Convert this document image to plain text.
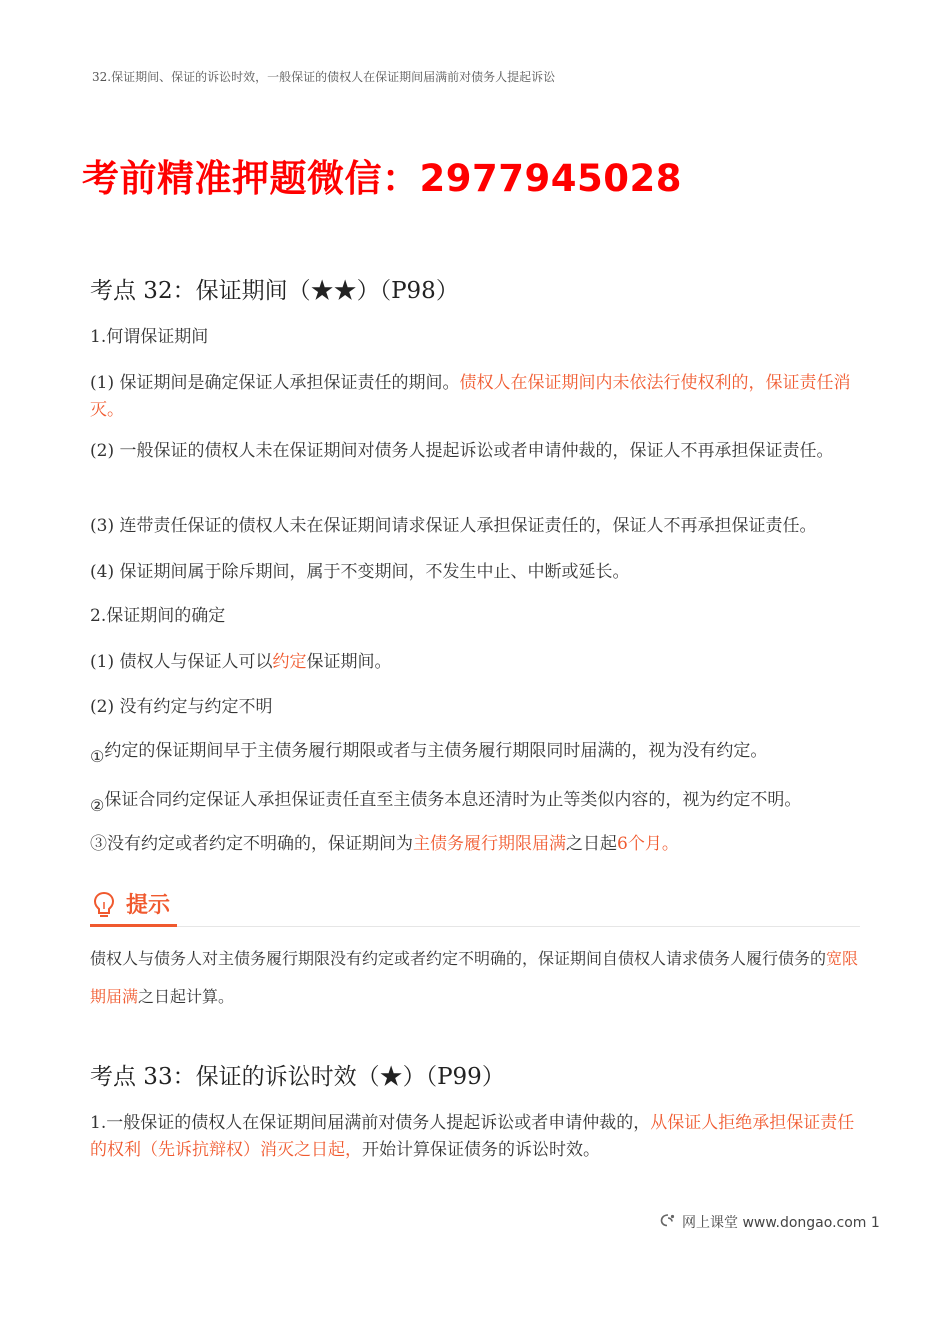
32.保证期间、保证的诉讼时效，一般保证的债权人在保证期间届满前对债务人提起诉讼
考前精准押题微信：2977945028
考点 32：保证期间（★★）（P98）
1.何谓保证期间
(1) 保证期间是确定保证人承担保证责任的期间。债权人在保证期间内未依法行使权利的，保证责任消灭。
(2) 一般保证的债权人未在保证期间对债务人提起诉讼或者申请仲裁的，保证人不再承担保证责任。
(3) 连带责任保证的债权人未在保证期间请求保证人承担保证责任的，保证人不再承担保证责任。
(4) 保证期间属于除斥期间，属于不变期间，不发生中止、中断或延长。
2.保证期间的确定
(1) 债权人与保证人可以约定保证期间。
(2) 没有约定与约定不明
①约定的保证期间早于主债务履行期限或者与主债务履行期限同时届满的，视为没有约定。
②保证合同约定保证人承担保证责任直至主债务本息还清时为止等类似内容的，视为约定不明。
③没有约定或者约定不明确的，保证期间为主债务履行期限届满之日起6个月。
提示
债权人与债务人对主债务履行期限没有约定或者约定不明确的，保证期间自债权人请求债务人履行债务的宽限期届满之日起计算。
考点 33：保证的诉讼时效（★）（P99）
1.一般保证的债权人在保证期间届满前对债务人提起诉讼或者申请仲裁的，从保证人拒绝承担保证责任的权利（先诉抗辩权）消灭之日起，开始计算保证债务的诉讼时效。
网上课堂 www.dongao.com 1
